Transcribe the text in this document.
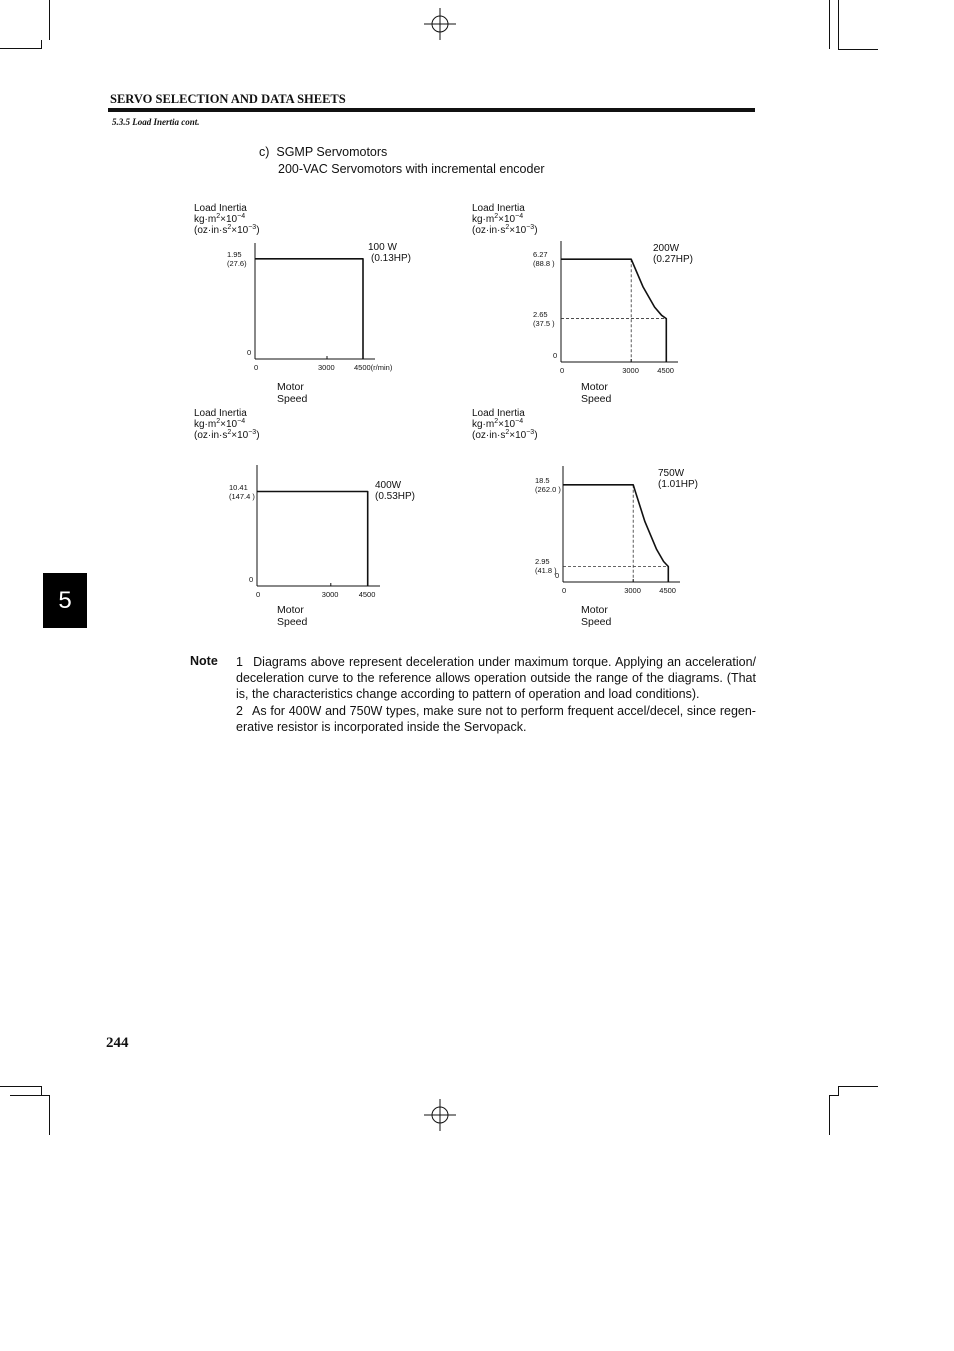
SERVO SELECTION AND DATA SHEETS
5.3.5 Load Inertia cont.
c) SGMP Servomotors
200-VAC Servomotors with incremental encoder
Load Inertia
$kg\cdot m^2\times 10^{-4}$
$(oz\cdot in\cdot s^2\times 10^{-3})$
1.95
(27.6)
0
0	3000	4500(r/min)
100 W
(0.13HP)
Motor Speed
Load Inertia
$kg\cdot m^2\times 10^{-4}$
$(oz\cdot in\cdot s^2\times 10^{-3})$
6.27
(88.8 )
2.65
(37.5 )
0
0	3000 4500
200W
(0.27HP)
Motor Speed
Load Inertia
$kg\cdot m^2\times 10^{-4}$
$(oz\cdot in\cdot s^2\times 10^{-3})$
10.41
(147.4 )
0
0	3000	4500
400W
(0.53HP)
Motor Speed
Load Inertia
$kg\cdot m^2\times 10^{-4}$
$(oz\cdot in\cdot s^2\times 10^{-3})$
18.5
(262.0 )
2.95
(41.8 )
0
0	3000 4500
750W
(1.01HP)
Motor Speed
5
Note 1 Diagrams above represent deceleration under maximum torque. Applying an acceleration/ deceleration curve to the reference allows operation outside the range of the diagrams. (That is, the characteristics change according to pattern of operation and load conditions).
2 As for 400W and 750W types, make sure not to perform frequent accel/decel, since regen- erative resistor is incorporated inside the Servopack.
244
